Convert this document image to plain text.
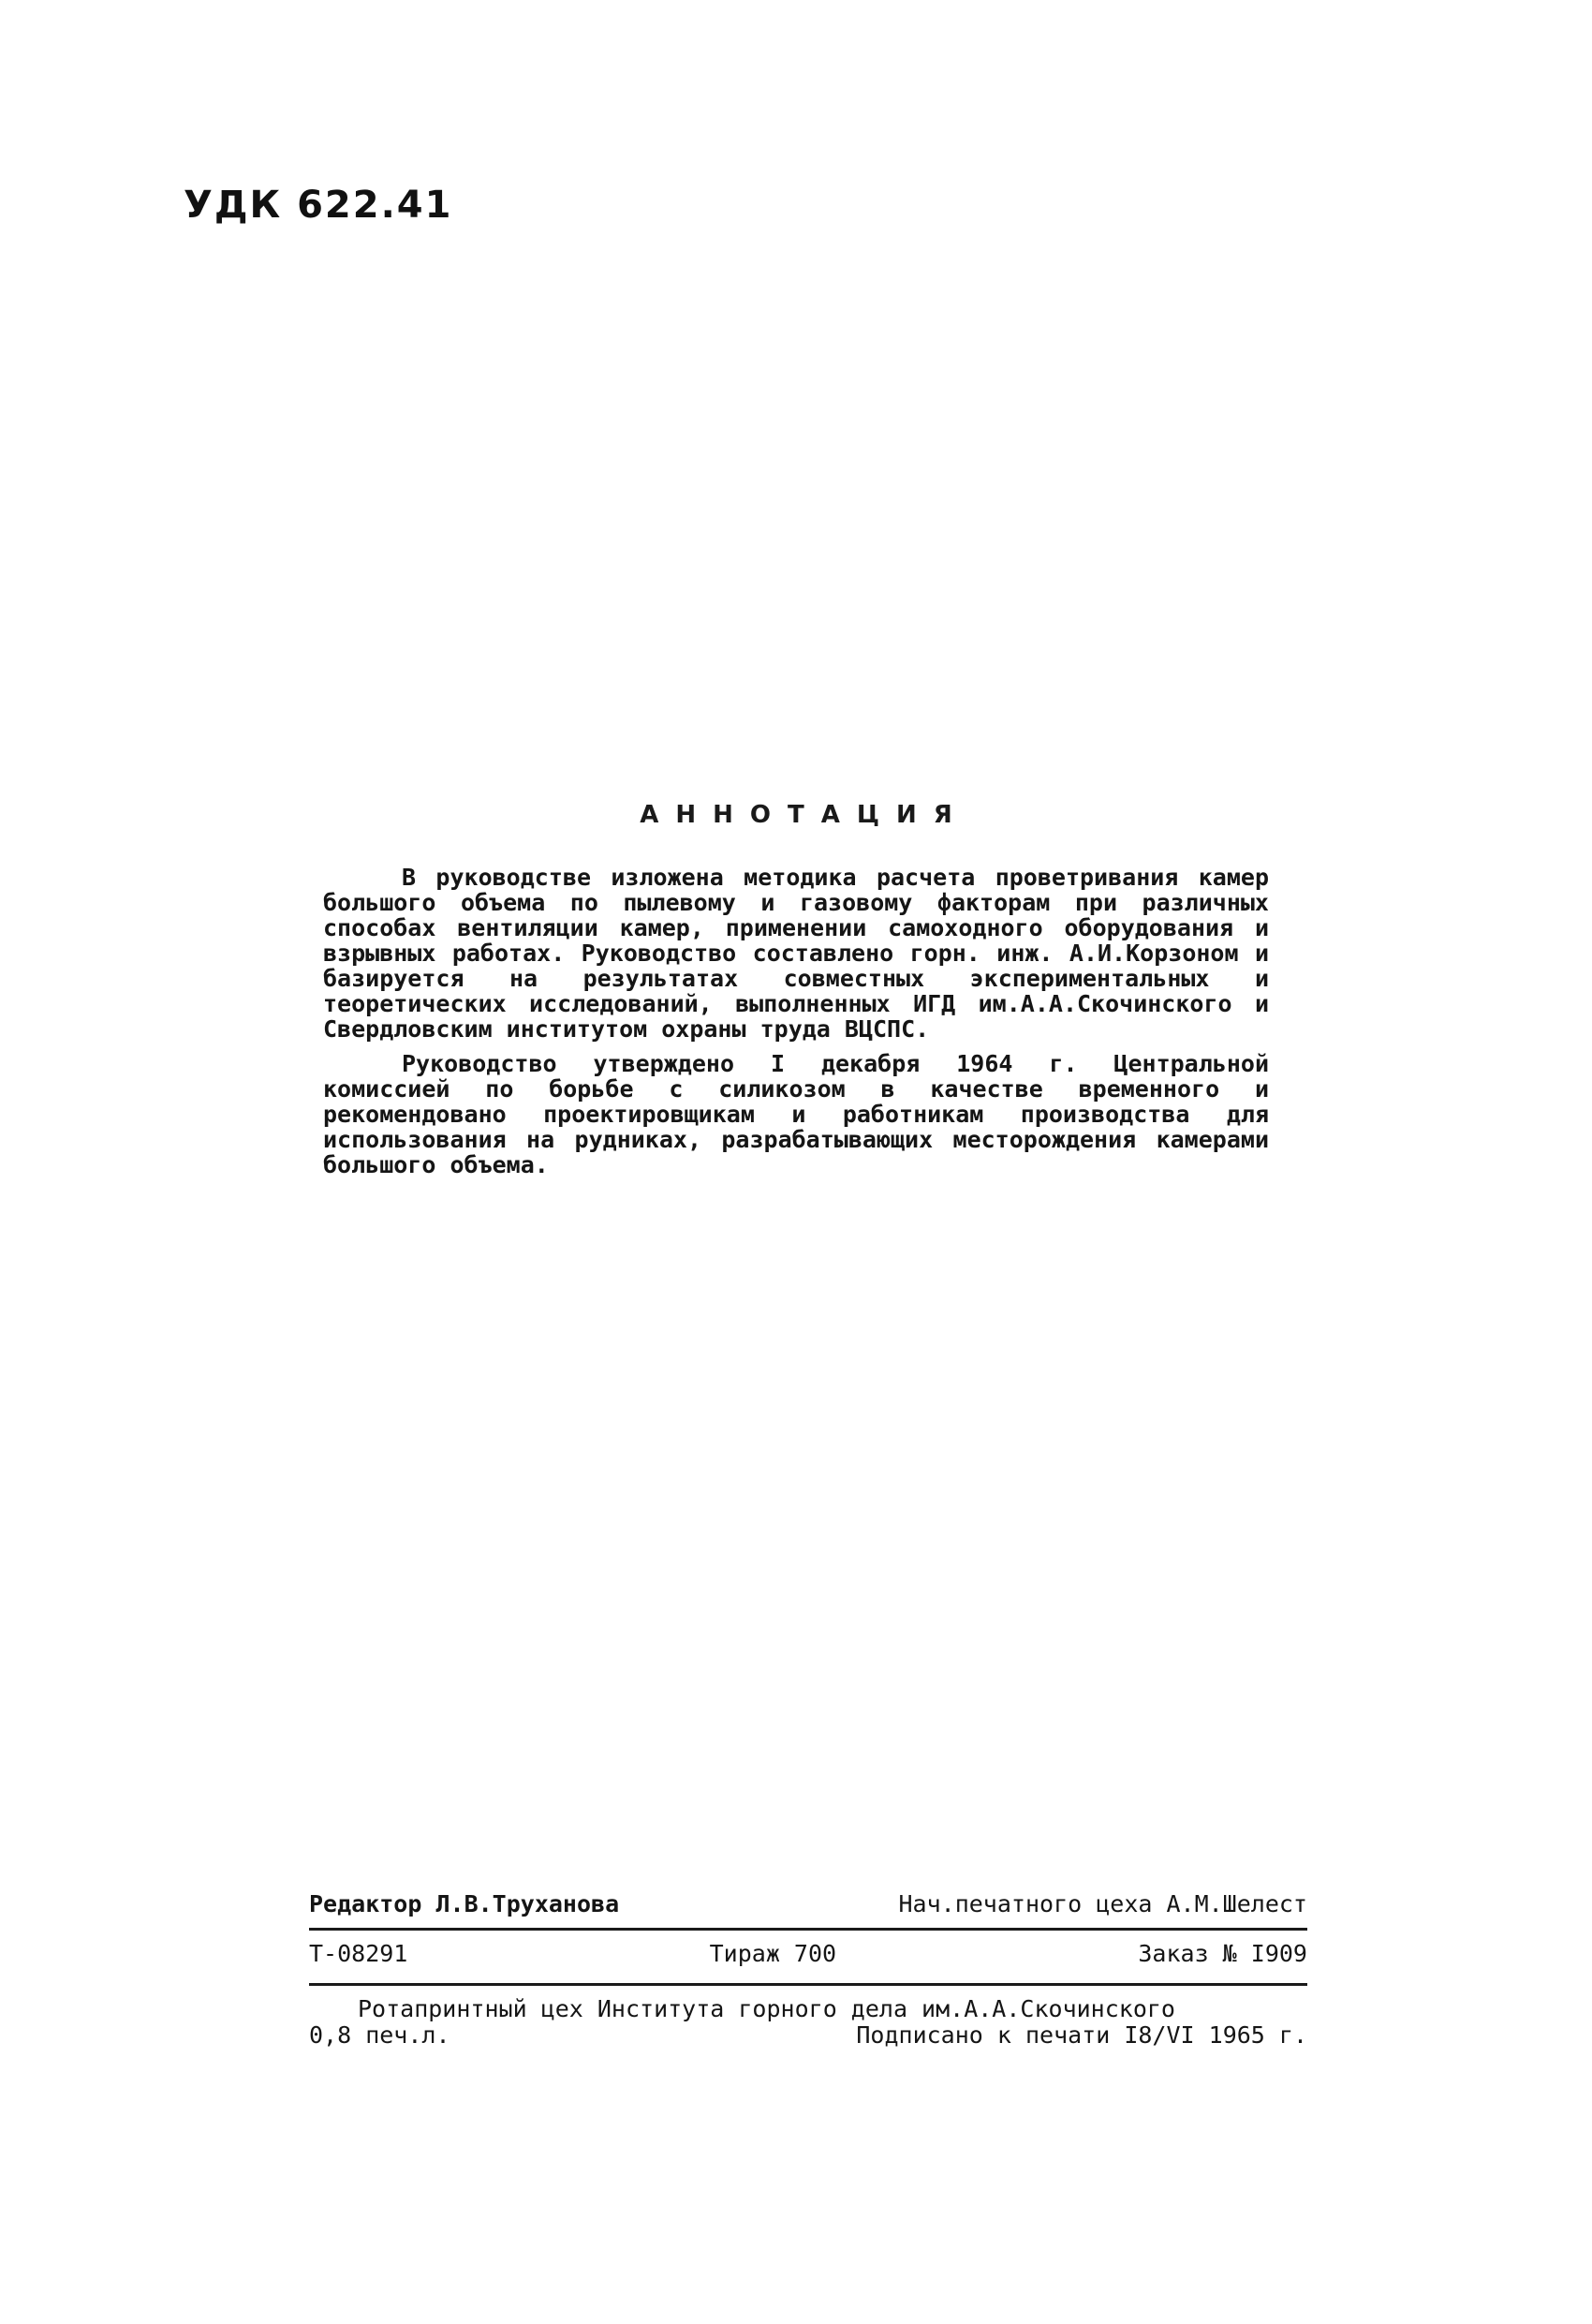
УДК 622.41
АННОТАЦИЯ

В руководстве изложена методика расчета проветривания камер большого объема по пылевому и газовому факторам при различных способах вентиляции камер, применении самоходного оборудования и взрывных работах. Руководство составлено горн. инж. А.И.Корзоном и базируется на результатах совместных экспериментальных и теоретических исследований, выполненных ИГД им.А.А.Скочинского и Свердловским институтом охраны труда ВЦСПС.

Руководство утверждено I декабря 1964 г. Центральной комиссией по борьбе с силикозом в качестве временного и рекомендовано проектировщикам и работникам производства для использования на рудниках, разрабатывающих месторождения камерами большого объема.

Редактор Л.В.Труханова	Нач.печатного цеха А.М.Шелест
Т-08291	Тираж 700	Заказ № I909
Ротапринтный цех Института горного дела им.А.А.Скочинского
0,8 печ.л.	Подписано к печати I8/VI 1965 г.
